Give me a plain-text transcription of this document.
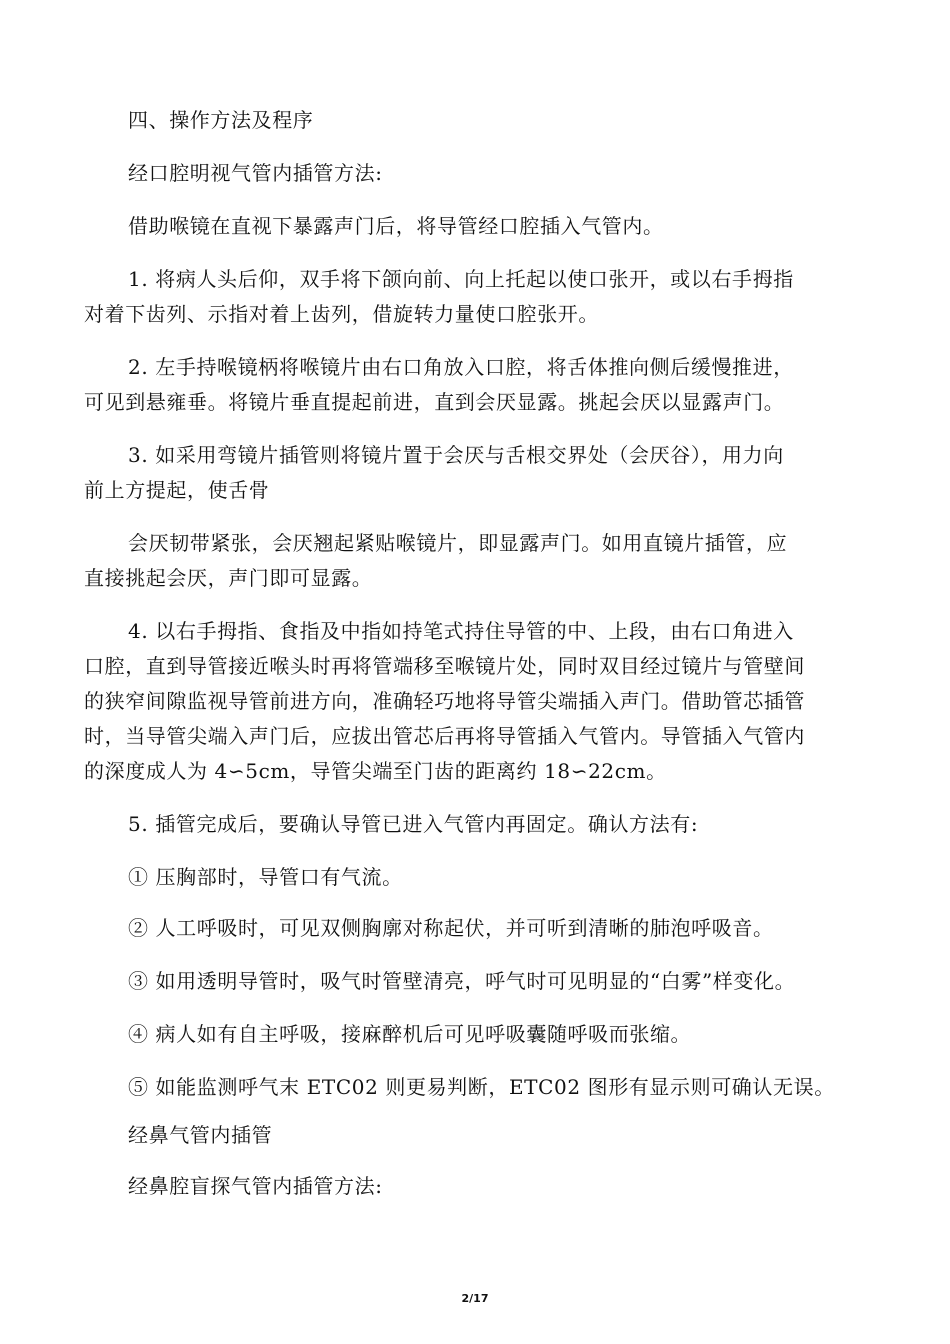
四、操作方法及程序
经口腔明视气管内插管方法:
借助喉镜在直视下暴露声门后，将导管经口腔插入气管内。
1. 将病人头后仰，双手将下颌向前、向上托起以使口张开，或以右手拇指
对着下齿列、示指对着上齿列，借旋转力量使口腔张开。
2. 左手持喉镜柄将喉镜片由右口角放入口腔，将舌体推向侧后缓慢推进，
可见到悬雍垂。将镜片垂直提起前进，直到会厌显露。挑起会厌以显露声门。
3. 如采用弯镜片插管则将镜片置于会厌与舌根交界处（会厌谷），用力向
前上方提起，使舌骨
会厌韧带紧张，会厌翘起紧贴喉镜片，即显露声门。如用直镜片插管，应
直接挑起会厌，声门即可显露。
4. 以右手拇指、食指及中指如持笔式持住导管的中、上段，由右口角进入
口腔，直到导管接近喉头时再将管端移至喉镜片处，同时双目经过镜片与管壁间
的狭窄间隙监视导管前进方向，准确轻巧地将导管尖端插入声门。借助管芯插管
时，当导管尖端入声门后，应拔出管芯后再将导管插入气管内。导管插入气管内
的深度成人为 4∽5cm，导管尖端至门齿的距离约 18∽22cm。
5. 插管完成后，要确认导管已进入气管内再固定。确认方法有:
① 压胸部时，导管口有气流。
② 人工呼吸时，可见双侧胸廓对称起伏，并可听到清晰的肺泡呼吸音。
③ 如用透明导管时，吸气时管壁清亮，呼气时可见明显的“白雾”样变化。
④ 病人如有自主呼吸，接麻醉机后可见呼吸囊随呼吸而张缩。
⑤ 如能监测呼气末 ETC02 则更易判断，ETC02 图形有显示则可确认无误。
经鼻气管内插管
经鼻腔盲探气管内插管方法:
2/17
